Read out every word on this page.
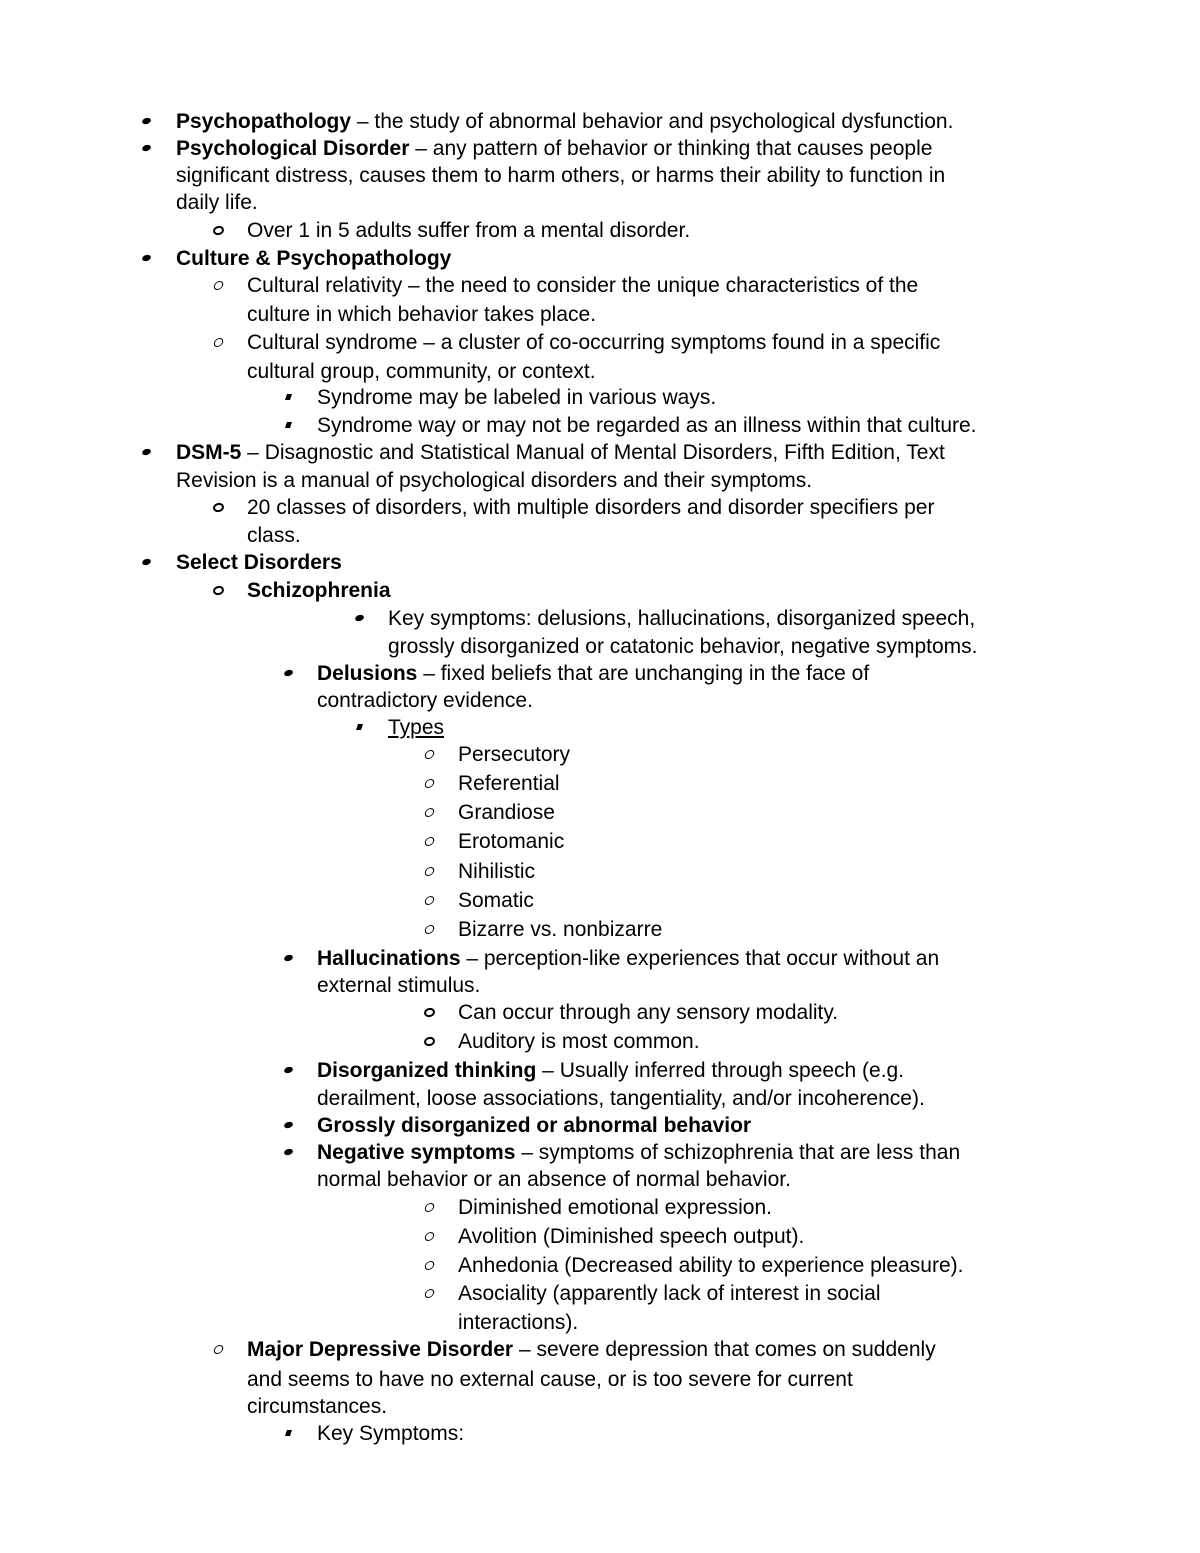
Psychopathology – the study of abnormal behavior and psychological dysfunction.
Psychological Disorder – any pattern of behavior or thinking that causes people
significant distress, causes them to harm others, or harms their ability to function in
daily life.
Over 1 in 5 adults suffer from a mental disorder.
Culture & Psychopathology
Cultural relativity – the need to consider the unique characteristics of the
culture in which behavior takes place.
Cultural syndrome – a cluster of co-occurring symptoms found in a specific
cultural group, community, or context.
Syndrome may be labeled in various ways.
Syndrome way or may not be regarded as an illness within that culture.
DSM-5 – Disagnostic and Statistical Manual of Mental Disorders, Fifth Edition, Text
Revision is a manual of psychological disorders and their symptoms.
20 classes of disorders, with multiple disorders and disorder specifiers per
class.
Select Disorders
Schizophrenia
Key symptoms: delusions, hallucinations, disorganized speech,
grossly disorganized or catatonic behavior, negative symptoms.
Delusions – fixed beliefs that are unchanging in the face of
contradictory evidence.
Types
Persecutory
Referential
Grandiose
Erotomanic
Nihilistic
Somatic
Bizarre vs. nonbizarre
Hallucinations – perception-like experiences that occur without an
external stimulus.
Can occur through any sensory modality.
Auditory is most common.
Disorganized thinking – Usually inferred through speech (e.g.
derailment, loose associations, tangentiality, and/or incoherence).
Grossly disorganized or abnormal behavior
Negative symptoms – symptoms of schizophrenia that are less than
normal behavior or an absence of normal behavior.
Diminished emotional expression.
Avolition (Diminished speech output).
Anhedonia (Decreased ability to experience pleasure).
Asociality (apparently lack of interest in social
interactions).
Major Depressive Disorder – severe depression that comes on suddenly
and seems to have no external cause, or is too severe for current
circumstances.
Key Symptoms:
